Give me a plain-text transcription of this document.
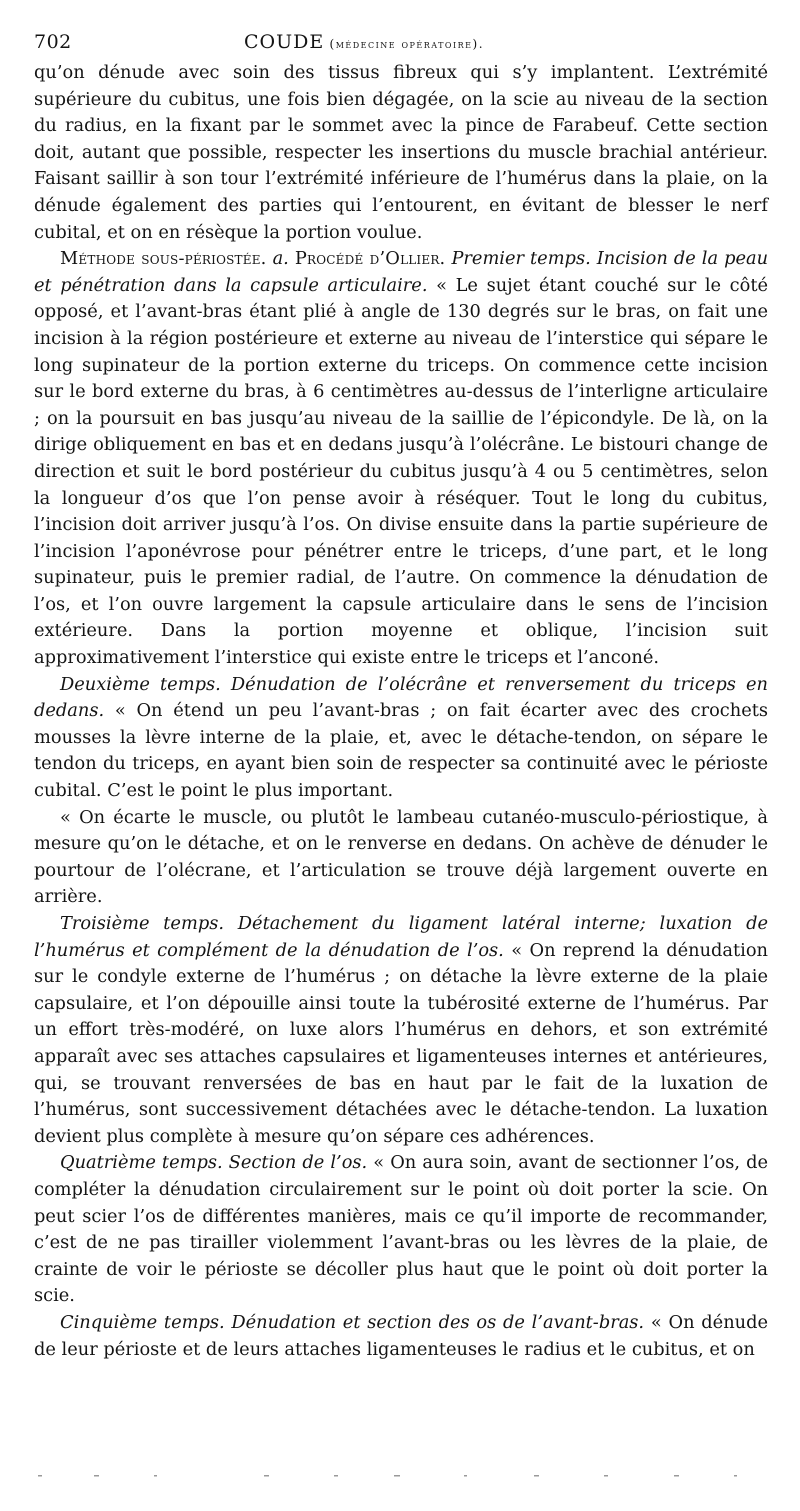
702	COUDE (médecine opératoire).

qu’on dénude avec soin des tissus fibreux qui s’y implantent. L’extrémité supérieure du cubitus, une fois bien dégagée, on la scie au niveau de la section du radius, en la fixant par le sommet avec la pince de Farabeuf. Cette section doit, autant que possible, respecter les insertions du muscle brachial antérieur. Faisant saillir à son tour l’extrémité inférieure de l’humérus dans la plaie, on la dénude également des parties qui l’entourent, en évitant de blesser le nerf cubital, et on en résèque la portion voulue.

Méthode sous-périostée. a. Procédé d’Ollier. Premier temps. Incision de la peau et pénétration dans la capsule articulaire. « Le sujet étant couché sur le côté opposé, et l’avant-bras étant plié à angle de 130 degrés sur le bras, on fait une incision à la région postérieure et externe au niveau de l’interstice qui sépare le long supinateur de la portion externe du triceps. On commence cette incision sur le bord externe du bras, à 6 centimètres au-dessus de l’interligne articulaire ; on la poursuit en bas jusqu’au niveau de la saillie de l’épicondyle. De là, on la dirige obliquement en bas et en dedans jusqu’à l’olécrâne. Le bistouri change de direction et suit le bord postérieur du cubitus jusqu’à 4 ou 5 centimètres, selon la longueur d’os que l’on pense avoir à réséquer. Tout le long du cubitus, l’incision doit arriver jusqu’à l’os. On divise ensuite dans la partie supérieure de l’incision l’aponévrose pour pénétrer entre le triceps, d’une part, et le long supinateur, puis le premier radial, de l’autre. On commence la dénudation de l’os, et l’on ouvre largement la capsule articulaire dans le sens de l’incision extérieure. Dans la portion moyenne et oblique, l’incision suit approximativement l’interstice qui existe entre le triceps et l’anconé.

Deuxième temps. Dénudation de l’olécrâne et renversement du triceps en dedans. « On étend un peu l’avant-bras ; on fait écarter avec des crochets mousses la lèvre interne de la plaie, et, avec le détache-tendon, on sépare le tendon du triceps, en ayant bien soin de respecter sa continuité avec le périoste cubital. C’est le point le plus important.

« On écarte le muscle, ou plutôt le lambeau cutanéo-musculo-périostique, à mesure qu’on le détache, et on le renverse en dedans. On achève de dénuder le pourtour de l’olécrane, et l’articulation se trouve déjà largement ouverte en arrière.

Troisième temps. Détachement du ligament latéral interne; luxation de l’humérus et complément de la dénudation de l’os. « On reprend la dénudation sur le condyle externe de l’humérus ; on détache la lèvre externe de la plaie capsulaire, et l’on dépouille ainsi toute la tubérosité externe de l’humérus. Par un effort très-modéré, on luxe alors l’humérus en dehors, et son extrémité apparaît avec ses attaches capsulaires et ligamenteuses internes et antérieures, qui, se trouvant renversées de bas en haut par le fait de la luxation de l’humérus, sont successivement détachées avec le détache-tendon. La luxation devient plus complète à mesure qu’on sépare ces adhérences.

Quatrième temps. Section de l’os. « On aura soin, avant de sectionner l’os, de compléter la dénudation circulairement sur le point où doit porter la scie. On peut scier l’os de différentes manières, mais ce qu’il importe de recommander, c’est de ne pas tirailler violemment l’avant-bras ou les lèvres de la plaie, de crainte de voir le périoste se décoller plus haut que le point où doit porter la scie.

Cinquième temps. Dénudation et section des os de l’avant-bras. « On dénude de leur périoste et de leurs attaches ligamenteuses le radius et le cubitus, et on
